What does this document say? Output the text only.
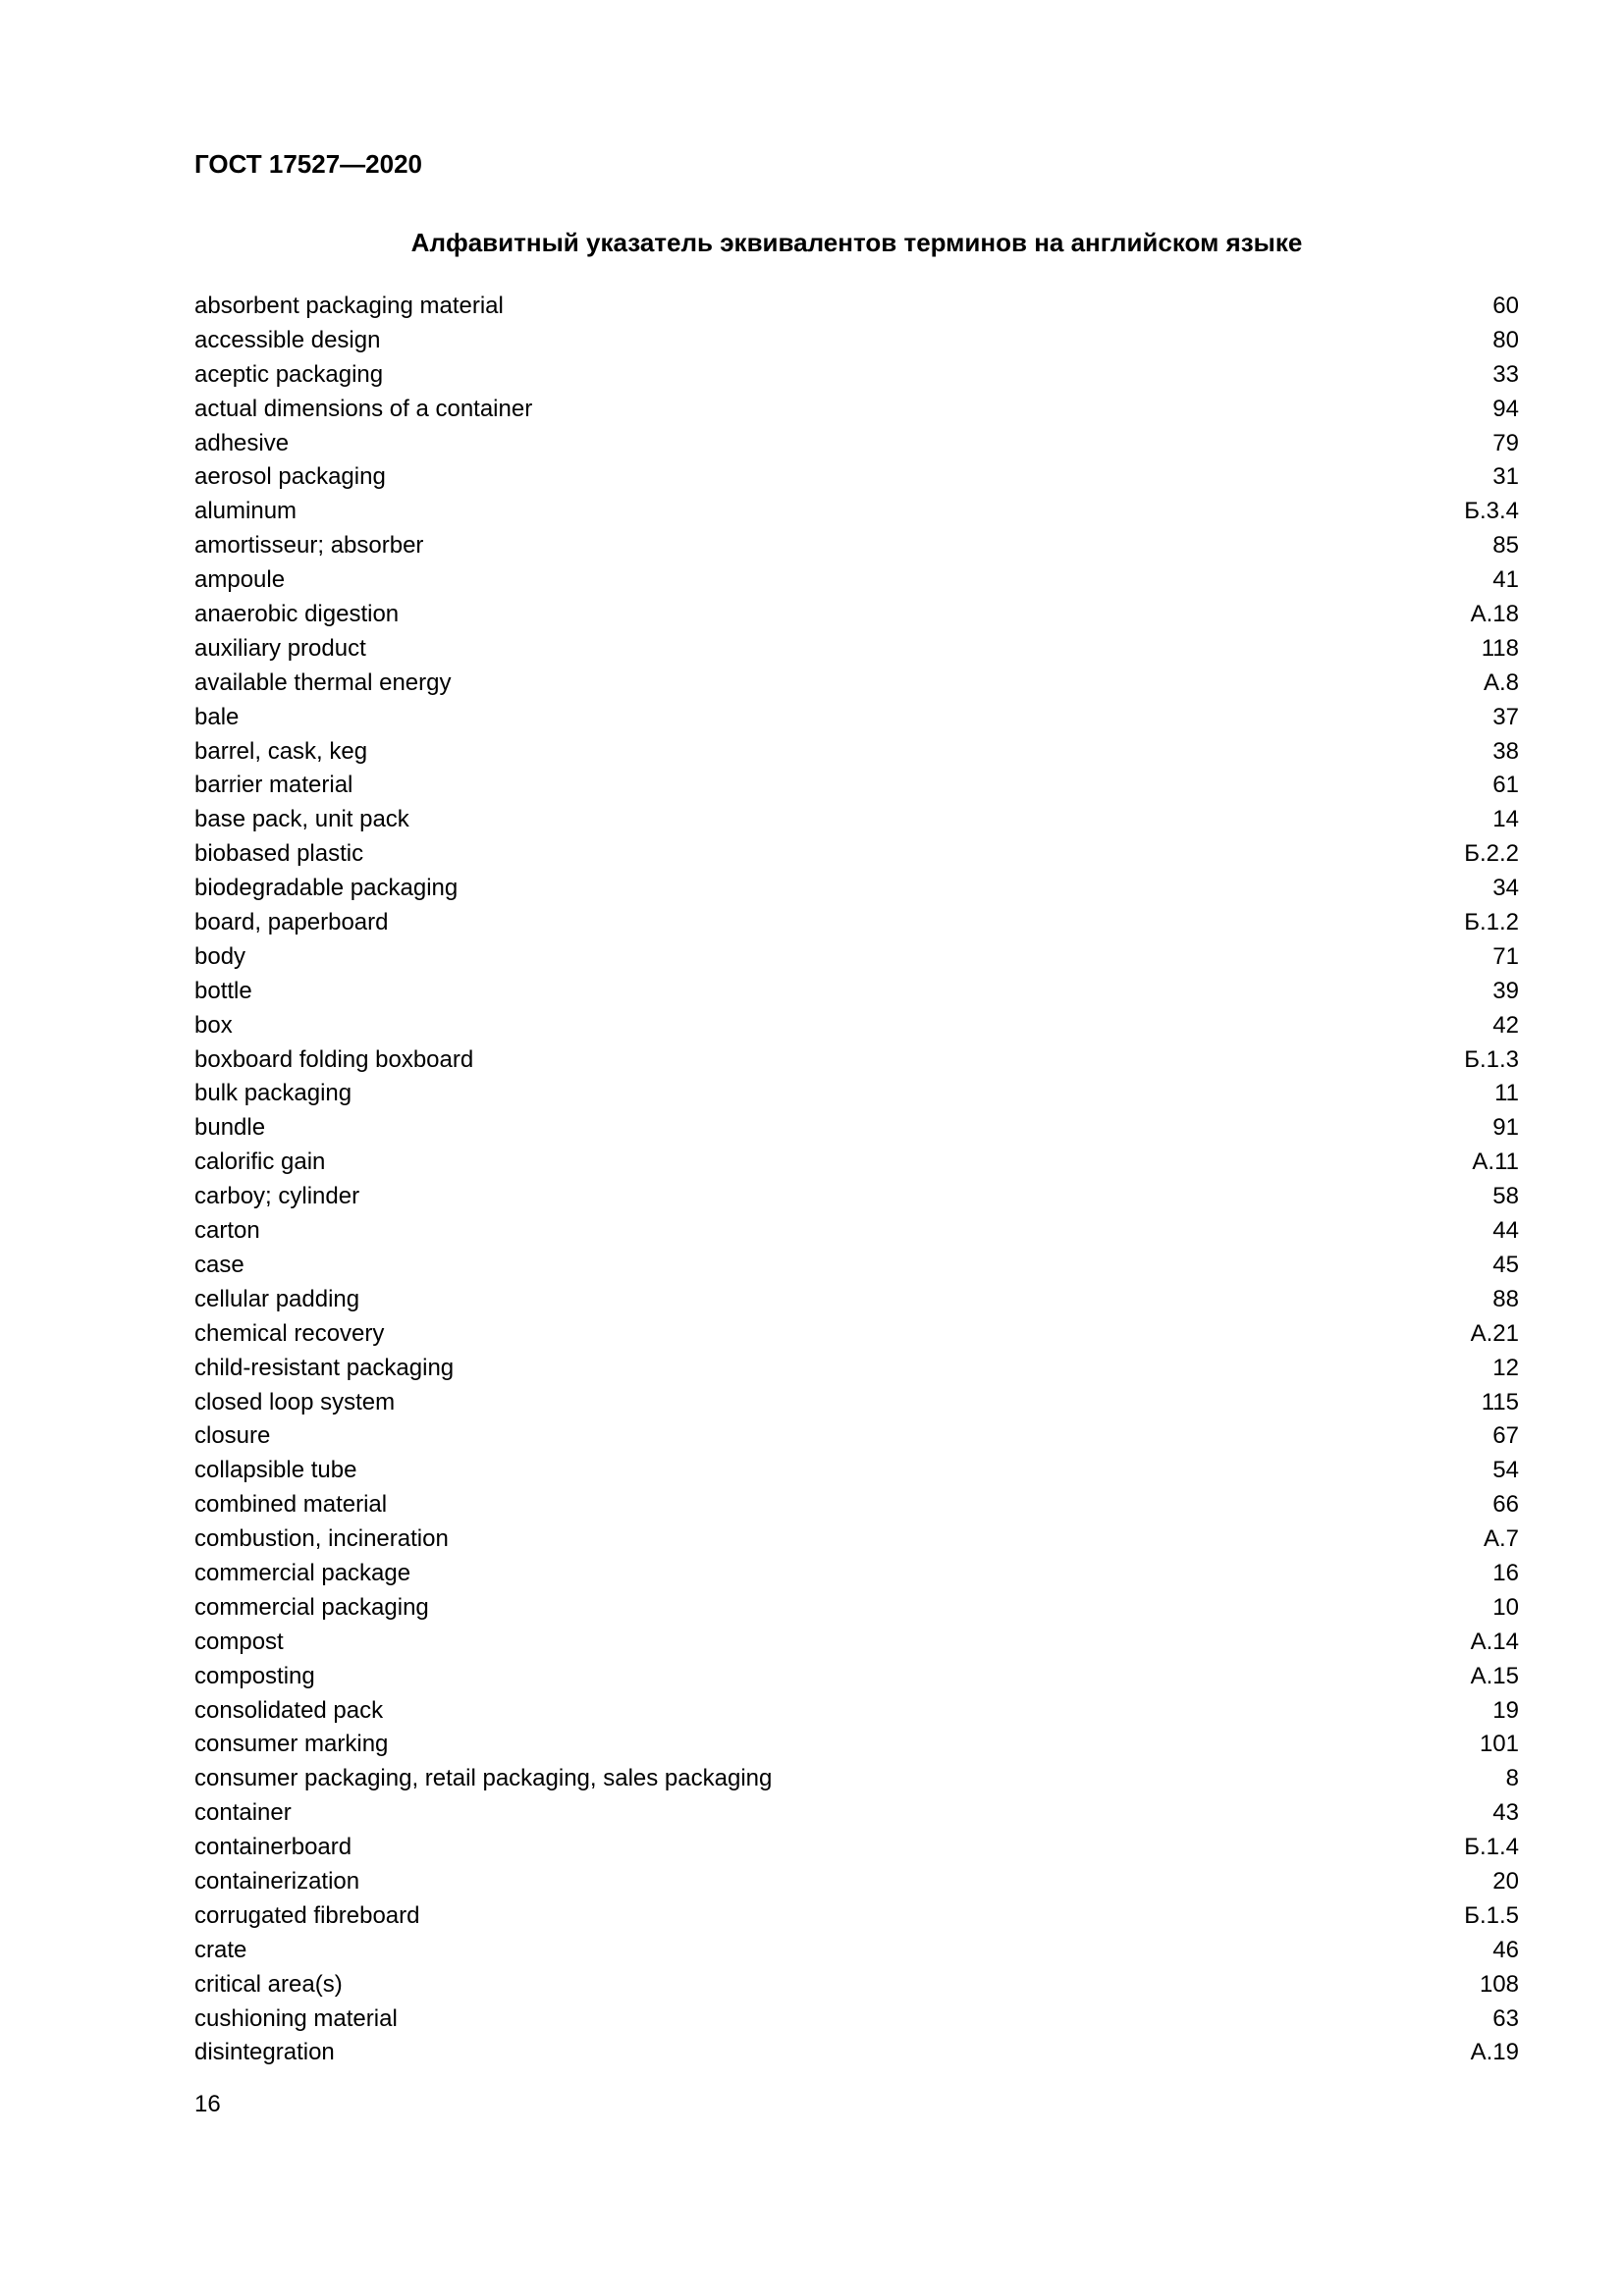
ГОСТ 17527—2020
Алфавитный указатель эквивалентов терминов на английском языке
absorbent packaging material	60
accessible design	80
aceptic packaging	33
actual dimensions of a container	94
adhesive	79
aerosol packaging	31
aluminum	Б.3.4
amortisseur; absorber	85
ampoule	41
anaerobic digestion	А.18
auxiliary product	118
available thermal energy	А.8
bale	37
barrel, cask, keg	38
barrier material	61
base pack, unit pack	14
biobased plastic	Б.2.2
biodegradable packaging	34
board, paperboard	Б.1.2
body	71
bottle	39
box	42
boxboard folding boxboard	Б.1.3
bulk packaging	11
bundle	91
calorific gain	А.11
carboy; cylinder	58
carton	44
case	45
cellular padding	88
chemical recovery	А.21
child-resistant packaging	12
closed loop system	115
closure	67
collapsible tube	54
combined material	66
combustion, incineration	А.7
commercial package	16
commercial packaging	10
compost	А.14
composting	А.15
consolidated pack	19
consumer marking	101
consumer packaging, retail packaging, sales packaging	8
container	43
containerboard	Б.1.4
containerization	20
corrugated fibreboard	Б.1.5
crate	46
critical area(s)	108
cushioning material	63
disintegration	А.19
16
